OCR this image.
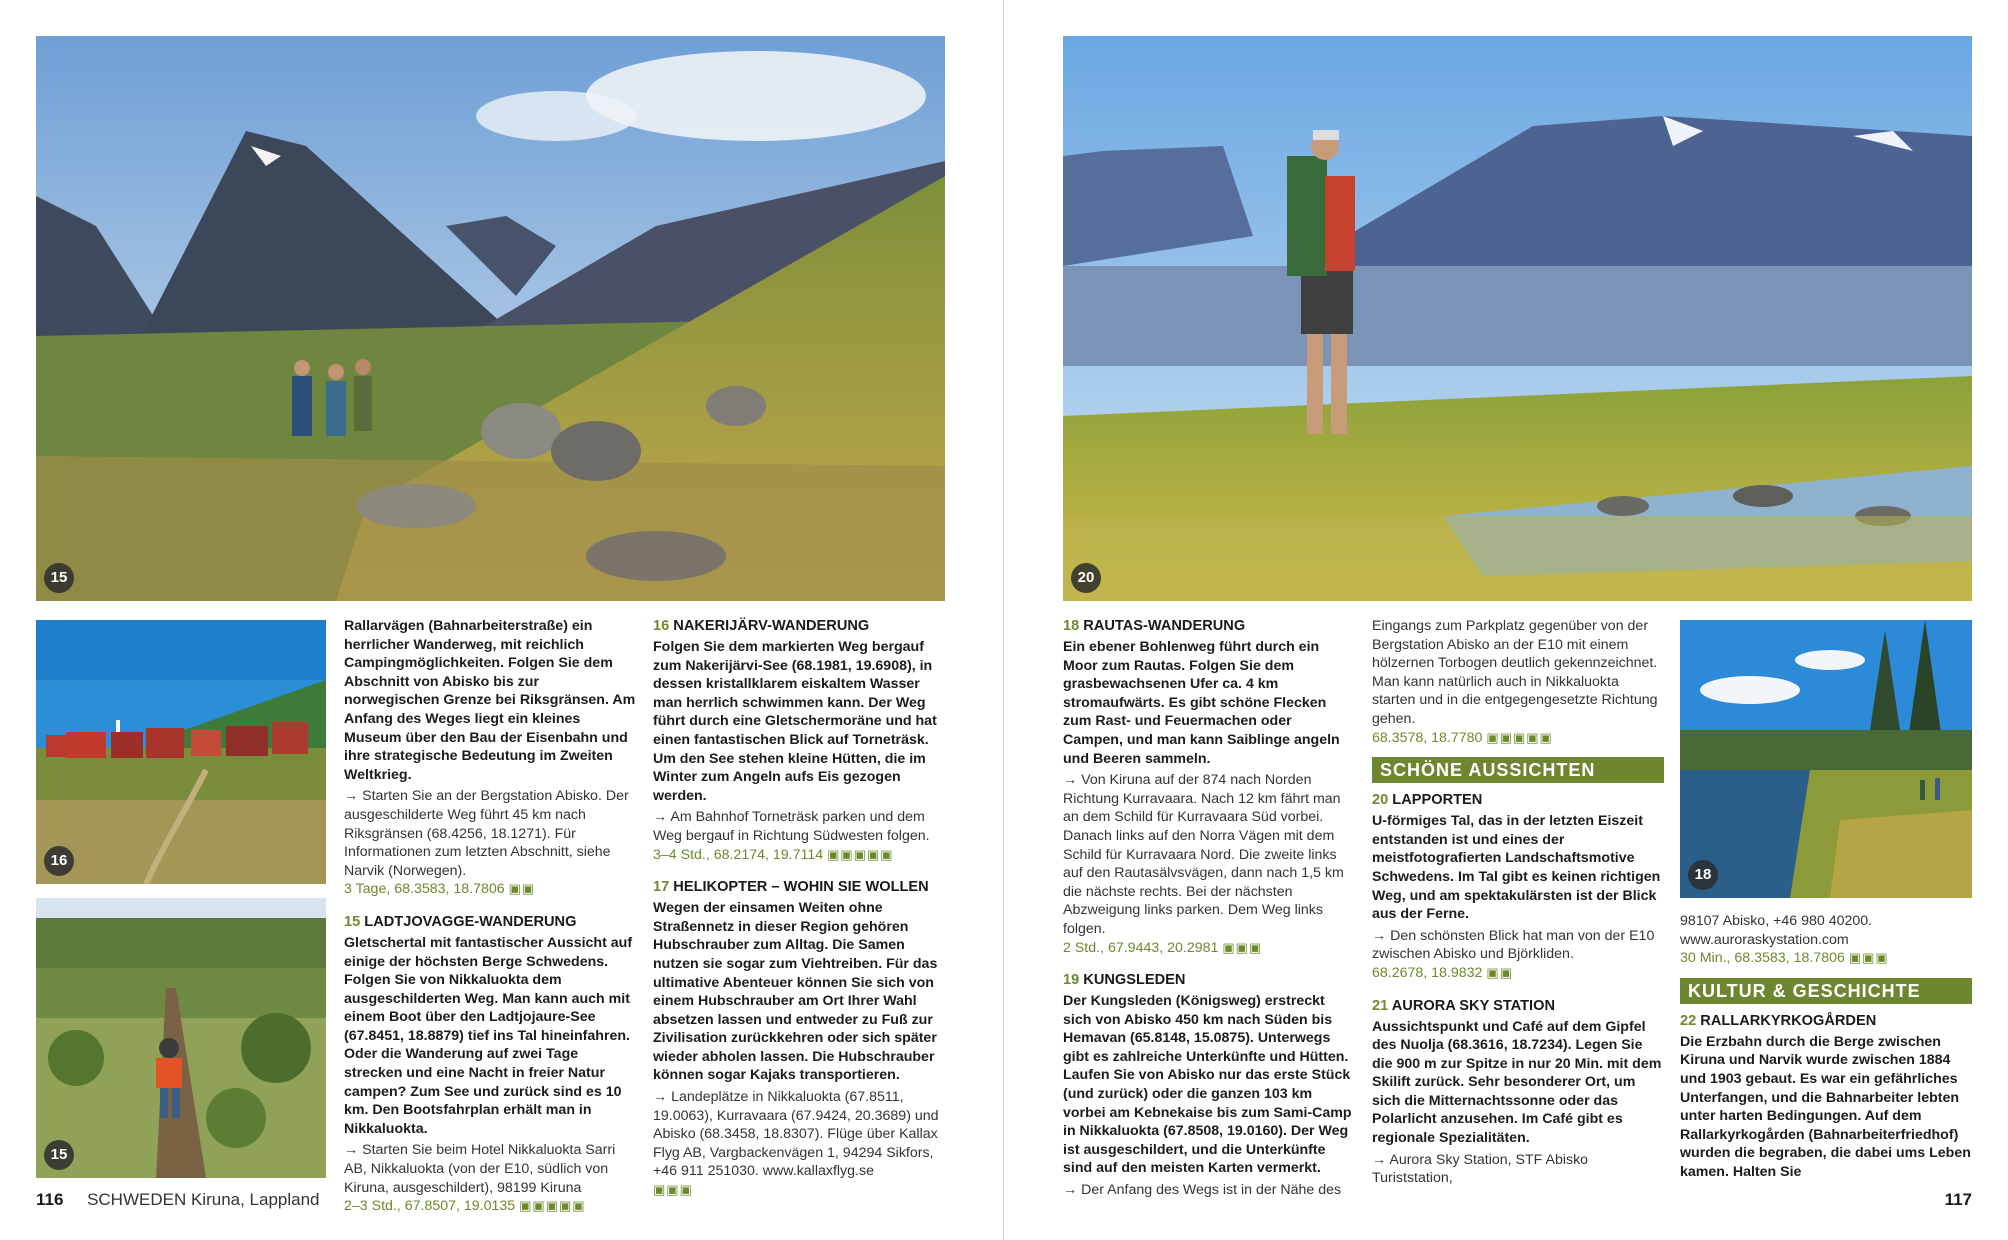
15
16
15

Rallarvägen (Bahnarbeiterstraße) ein herrlicher Wanderweg, mit reichlich Campingmöglichkeiten. Folgen Sie dem Abschnitt von Abisko bis zur norwegischen Grenze bei Riksgränsen. Am Anfang des Weges liegt ein kleines Museum über den Bau der Eisenbahn und ihre strategische Bedeutung im Zweiten Weltkrieg.

→ Starten Sie an der Bergstation Abisko. Der ausgeschilderte Weg führt 45 km nach Riksgränsen (68.4256, 18.1271). Für Informationen zum letzten Abschnitt, siehe Narvik (Norwegen).

3 Tage, 68.3583, 18.7806 ▣▣

15 LADTJOVAGGE-WANDERUNG

Gletschertal mit fantastischer Aussicht auf einige der höchsten Berge Schwedens. Folgen Sie von Nikkaluokta dem ausgeschilderten Weg. Man kann auch mit einem Boot über den Ladtjojaure-See (67.8451, 18.8879) tief ins Tal hineinfahren. Oder die Wanderung auf zwei Tage strecken und eine Nacht in freier Natur campen? Zum See und zurück sind es 10 km. Den Bootsfahrplan erhält man in Nikkaluokta.

→ Starten Sie beim Hotel Nikkaluokta Sarri AB, Nikkaluokta (von der E10, südlich von Kiruna, ausgeschildert), 98199 Kiruna

2–3 Std., 67.8507, 19.0135 ▣▣▣▣▣

16 NAKERIJÄRV-WANDERUNG

Folgen Sie dem markierten Weg bergauf zum Nakerijärvi-See (68.1981, 19.6908), in dessen kristallklarem eiskaltem Wasser man herrlich schwimmen kann. Der Weg führt durch eine Gletschermoräne und hat einen fantastischen Blick auf Torneträsk. Um den See stehen kleine Hütten, die im Winter zum Angeln aufs Eis gezogen werden.

→ Am Bahnhof Torneträsk parken und dem Weg bergauf in Richtung Südwesten folgen.

3–4 Std., 68.2174, 19.7114 ▣▣▣▣▣

17 HELIKOPTER – WOHIN SIE WOLLEN

Wegen der einsamen Weiten ohne Straßennetz in dieser Region gehören Hubschrauber zum Alltag. Die Samen nutzen sie sogar zum Viehtreiben. Für das ultimative Abenteuer können Sie sich von einem Hubschrauber am Ort Ihrer Wahl absetzen lassen und entweder zu Fuß zur Zivilisation zurückkehren oder sich später wieder abholen lassen. Die Hubschrauber können sogar Kajaks transportieren.

→ Landeplätze in Nikkaluokta (67.8511, 19.0063), Kurravaara (67.9424, 20.3689) und Abisko (68.3458, 18.8307). Flüge über Kallax Flyg AB, Vargbackenvägen 1, 94294 Sikfors, +46 911 251030. www.kallaxflyg.se

▣▣▣

116 SCHWEDEN Kiruna, Lappland
20
18
18 RAUTAS-WANDERUNG

Ein ebener Bohlenweg führt durch ein Moor zum Rautas. Folgen Sie dem grasbewachsenen Ufer ca. 4 km stromaufwärts. Es gibt schöne Flecken zum Rast- und Feuermachen oder Campen, und man kann Saiblinge angeln und Beeren sammeln.

→ Von Kiruna auf der 874 nach Norden Richtung Kurravaara. Nach 12 km fährt man an dem Schild für Kurravaara Süd vorbei. Danach links auf den Norra Vägen mit dem Schild für Kurravaara Nord. Die zweite links auf den Rautasälvsvägen, dann nach 1,5 km die nächste rechts. Bei der nächsten Abzweigung links parken. Dem Weg links folgen.

2 Std., 67.9443, 20.2981 ▣▣▣

19 KUNGSLEDEN

Der Kungsleden (Königsweg) erstreckt sich von Abisko 450 km nach Süden bis Hemavan (65.8148, 15.0875). Unterwegs gibt es zahlreiche Unterkünfte und Hütten. Laufen Sie von Abisko nur das erste Stück (und zurück) oder die ganzen 103 km vorbei am Kebnekaise bis zum Sami-Camp in Nikkaluokta (67.8508, 19.0160). Der Weg ist ausgeschildert, und die Unterkünfte sind auf den meisten Karten vermerkt.

→ Der Anfang des Wegs ist in der Nähe des

Eingangs zum Parkplatz gegenüber von der Bergstation Abisko an der E10 mit einem hölzernen Torbogen deutlich gekennzeichnet. Man kann natürlich auch in Nikkaluokta starten und in die entgegengesetzte Richtung gehen.

68.3578, 18.7780 ▣▣▣▣▣

SCHÖNE AUSSICHTEN
20 LAPPORTEN

U-förmiges Tal, das in der letzten Eiszeit entstanden ist und eines der meistfotografierten Landschaftsmotive Schwedens. Im Tal gibt es keinen richtigen Weg, und am spektakulärsten ist der Blick aus der Ferne.

→ Den schönsten Blick hat man von der E10 zwischen Abisko und Björkliden.

68.2678, 18.9832 ▣▣

21 AURORA SKY STATION

Aussichtspunkt und Café auf dem Gipfel des Nuolja (68.3616, 18.7234). Legen Sie die 900 m zur Spitze in nur 20 Min. mit dem Skilift zurück. Sehr besonderer Ort, um sich die Mitternachtssonne oder das Polarlicht anzusehen. Im Café gibt es regionale Spezialitäten.

→ Aurora Sky Station, STF Abisko Turiststation,

98107 Abisko, +46 980 40200. www.auroraskystation.com

30 Min., 68.3583, 18.7806 ▣▣▣

KULTUR & GESCHICHTE
22 RALLARKYRKOGÅRDEN

Die Erzbahn durch die Berge zwischen Kiruna und Narvik wurde zwischen 1884 und 1903 gebaut. Es war ein gefährliches Unterfangen, und die Bahnarbeiter lebten unter harten Bedingungen. Auf dem Rallarkyrkogården (Bahnarbeiterfriedhof) wurden die begraben, die dabei ums Leben kamen. Halten Sie

117
